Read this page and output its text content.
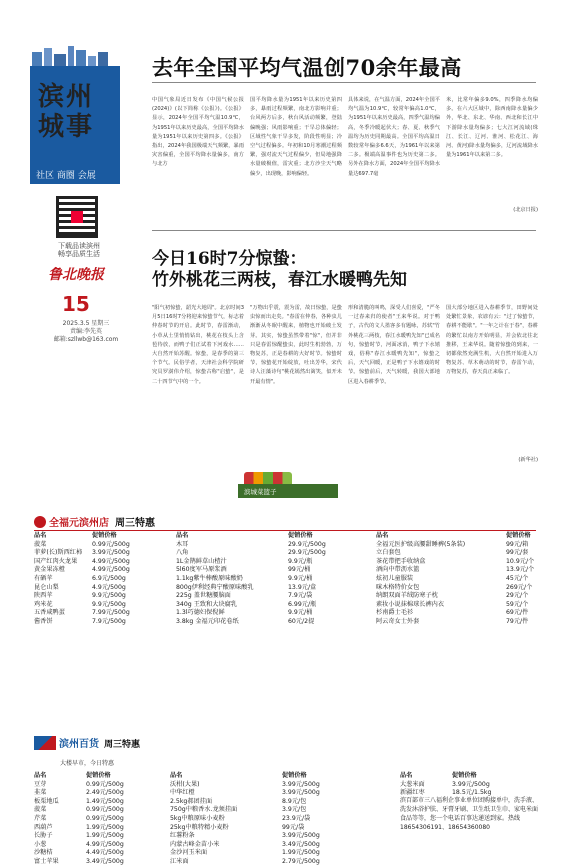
滨州
城事
社区 商圈 会展
下载品读滨州
畅享品质生活
鲁北晚报
15
2025.3.5 星期三
责编:李先英
邮箱:szllwb@163.com
去年全国平均气温创70余年最高
中国气象局近日发布《中国气候公报(2024)》(以下简称《公报》)。《公报》显示，2024年全国平均气温10.9℃，为1951年以来历史最高，全国平均降水量为1951年以来历史第四多。《公报》指出，2024年我国极端天气频繁，暴雨灾害偏重，全国平均降水量偏多，南方与北方
国平均降水量为1951年以来历史第四多，暴雨过程频繁，南北方影响并重；台风两方后多，秋台风活动频繁，登陆偏晚强；风雨影响重；干旱总体偏轻；区域性气象干旱多发，阶段性明显；冷空气过程偏多。年初和10月寒潮过程频繁，强对流天气过程偏少，但局地强降水量破极值，雷灾重；北方沙尘天气略偏少，出现晚，影响偏轻。
具体来说，在气温方面，2024年全国平均气温为10.9℃，较常年偏高1.0℃，为1951年以来历史最高，四季气温均偏高，冬季冷暖起伏大；春、夏、秋季气温均为历史同期最高。全国平均高温日数较常年偏多6.6天，为1961年以来第二多。极端高温事件也为历史第二多。另外在降水方面，2024年全国平均降水量达697.7毫
米，比常年偏多9.0%，四季降水均偏多。在六大区域中，除西南降水量偏少外，华北、东北、华南、西北和长江中下游降水量均偏多；七大江河流域(珠江、长江、辽河、淮河、松花江、海河、黄河)降水量均偏多，辽河流域降水量为1961年以来第二多。
(北京日报)
今日16时7分惊蛰：
竹外桃花三两枝，春江水暖鸭先知
"阳气初惊蛰，韶光大地周"。北京时间3月5日16时7分将迎来惊蛰节气，标志着仲春时节的开启。此时节，春雷渐动，小草从土里悄悄钻出，桃花在枝头上含苞待放，而鸭子们正试着下河戏水……大自然开始苏醒。惊蛰，是春季的第三个节气。民俗学者，天津社会科学院研究员罗澍伟介绍，惊蛰古称"启蛰"，是二十四节气中的一个。
"万物出乎震，震为雷，故曰惊蛰，是蛰虫惊而出走矣。"春雷在仲春，各种虫儿渐渐从冬眠中醒来，植物也开始破土发芽。其实，惊蛰虽然带着"惊"，但并非只是春雷惊醒蛰虫，此时生机勃勃，万物复苏，正是春耕的大好时节。惊蛰时节，惊蛰花开始绽放，吐出芳华，宋代诗人汪藻诗句"桃花嫣然出篱笑，似开未开最有情"。
形和清脆的叫鸣，深受人们喜爱，"严冬一过春来归的使者"王来华说。对于鸭子，古代的文人墨客多有题咏，苏轼"竹外桃花三两枝，春江水暖鸭先知"已成名句，惊蛰时节，河面冰消，鸭子下水嬉戏，俗称"春江水暖鸭先知"，惊蛰之后，天气回暖，正是鸭子下水嬉戏的时节。惊蛰前后，天气转暖，我国大部地区进入春耕季节。
国大部分地区进入春耕季节，田野间处处繁忙景象，农谚有云："过了惊蛰节，春耕不能歇"。"一年之计在于春"，春耕的繁忙以南方开始明显，并会依北往北推移，王来华说。随着惊蛰的到来，一切都依然充满生机，大自然开始进入万物复苏、草木萌动的时节，春雷乍动，万物复苏，春天真正来临了。
(新华社)
滨城菜篮子
全福元滨州店 周三特惠
品名	促销价格
菠菜	0.99元/500g
菲萝(长)斯西红柿	3.99元/500g
国产红肉火龙果	4.99元/500g
黄金果冻橙	4.99元/500g
有硒苹	6.9元/500g
昆仑山梨	4.9元/500g
陕西苹	9.9元/500g
鸡米花	9.9元/500g
五香咸鸭蛋	7.99元/500g
酱香饼	7.9元/500g
品名	促销价格
木耳	29.9元/500g
八角	29.9元/500g
1L金鹊鲜草山楂汁	9.9元/瓶
5l60度军马原浆酒	99元/桶
1.1kg紫牛棒酸原味酸奶	9.9元/桶
800g伊利经典宁酸原味酸乳	13.9元/盒
225g 盖世糖腰脑面	7.9元/袋
340g 王致和大块腐乳	6.99元/瓶
1.3l巧德妇保倪鲜	9.9元/桶
3.8kg 金福元印花卷纸	60元/2提
品名	促销价格
全福元医护级高腰甜睡裤(5条装)	99元/箱
立白套包	99元/套
茶花带把手收纳盒	10.9元/个
酒向中带沥水篮	13.9元/个
炫初儿童服装	45元/个
咪木格特价女包	269元/个
纳朗双面羊绒防寒子枕	29元/个
素妆小说抹棉球长裤内衣	59元/个
杉南爵士毛衫	69元/件
阿云奇女士外套	79元/件
滨州百货 周三特惠
大楼早市，今日特惠
品名	促销价格
豆芽	0.99元/500g
韭菜	2.49元/500g
板栗地瓜	1.49元/500g
菠菜	0.99元/500g
芹菜	0.99元/500g
西葫芦	1.99元/500g
长胁子	1.99元/500g
小葱	4.99元/500g
沙糖桔	4.49元/500g
富士苹果	3.49元/500g
品名	促销价格
沃柑(大果)	3.99元/500g
中华红橙	3.99元/500g
2.5kg郝团挂面	8.9元/包
750g中粮香水.龙须挂面	3.9元/包
5kg中粮原味小麦粉	23.9元/袋
25kg中粮特精小麦粉	99元/袋
红薯粉条	3.99元/500g
内蒙古峰金苗小米	3.49元/500g
金沙河玉米面	1.99元/500g
江米面	2.79元/500g
品名	促销价格
大葱米面	3.99元/500g
新疆红枣	18.5元/1.5kg
滨百部市三八福利企事业单位团购接单中，洗手液、洗发沐浴护肤、牙膏牙刷、卫生纸卫生巾、家电米面食品等等，您一个电话百事达递送到家。热线18654306191、18654360080
